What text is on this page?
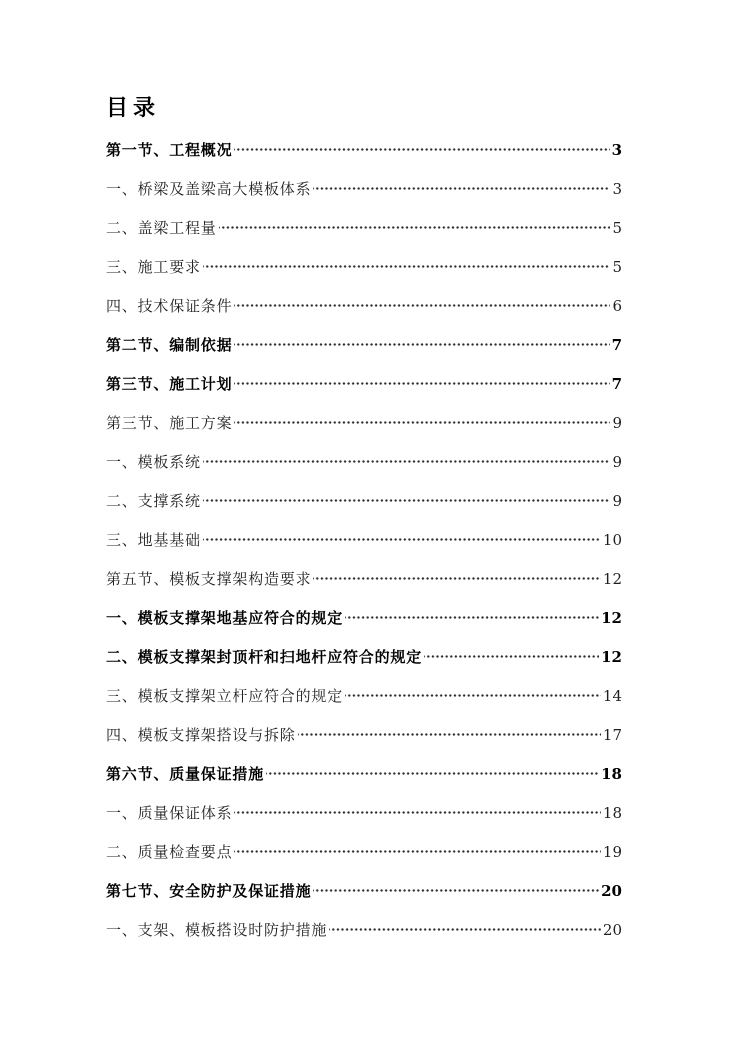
目录
第一节、工程概况	3
一、桥梁及盖梁高大模板体系	3
二、盖梁工程量	5
三、施工要求	5
四、技术保证条件	6
第二节、编制依据	7
第三节、施工计划	7
第三节、施工方案	9
一、模板系统	9
二、支撑系统	9
三、地基基础	10
第五节、模板支撑架构造要求	12
一、模板支撑架地基应符合的规定	12
二、模板支撑架封顶杆和扫地杆应符合的规定	12
三、模板支撑架立杆应符合的规定	14
四、模板支撑架搭设与拆除	17
第六节、质量保证措施	18
一、质量保证体系	18
二、质量检查要点	19
第七节、安全防护及保证措施	20
一、支架、模板搭设时防护措施	20
